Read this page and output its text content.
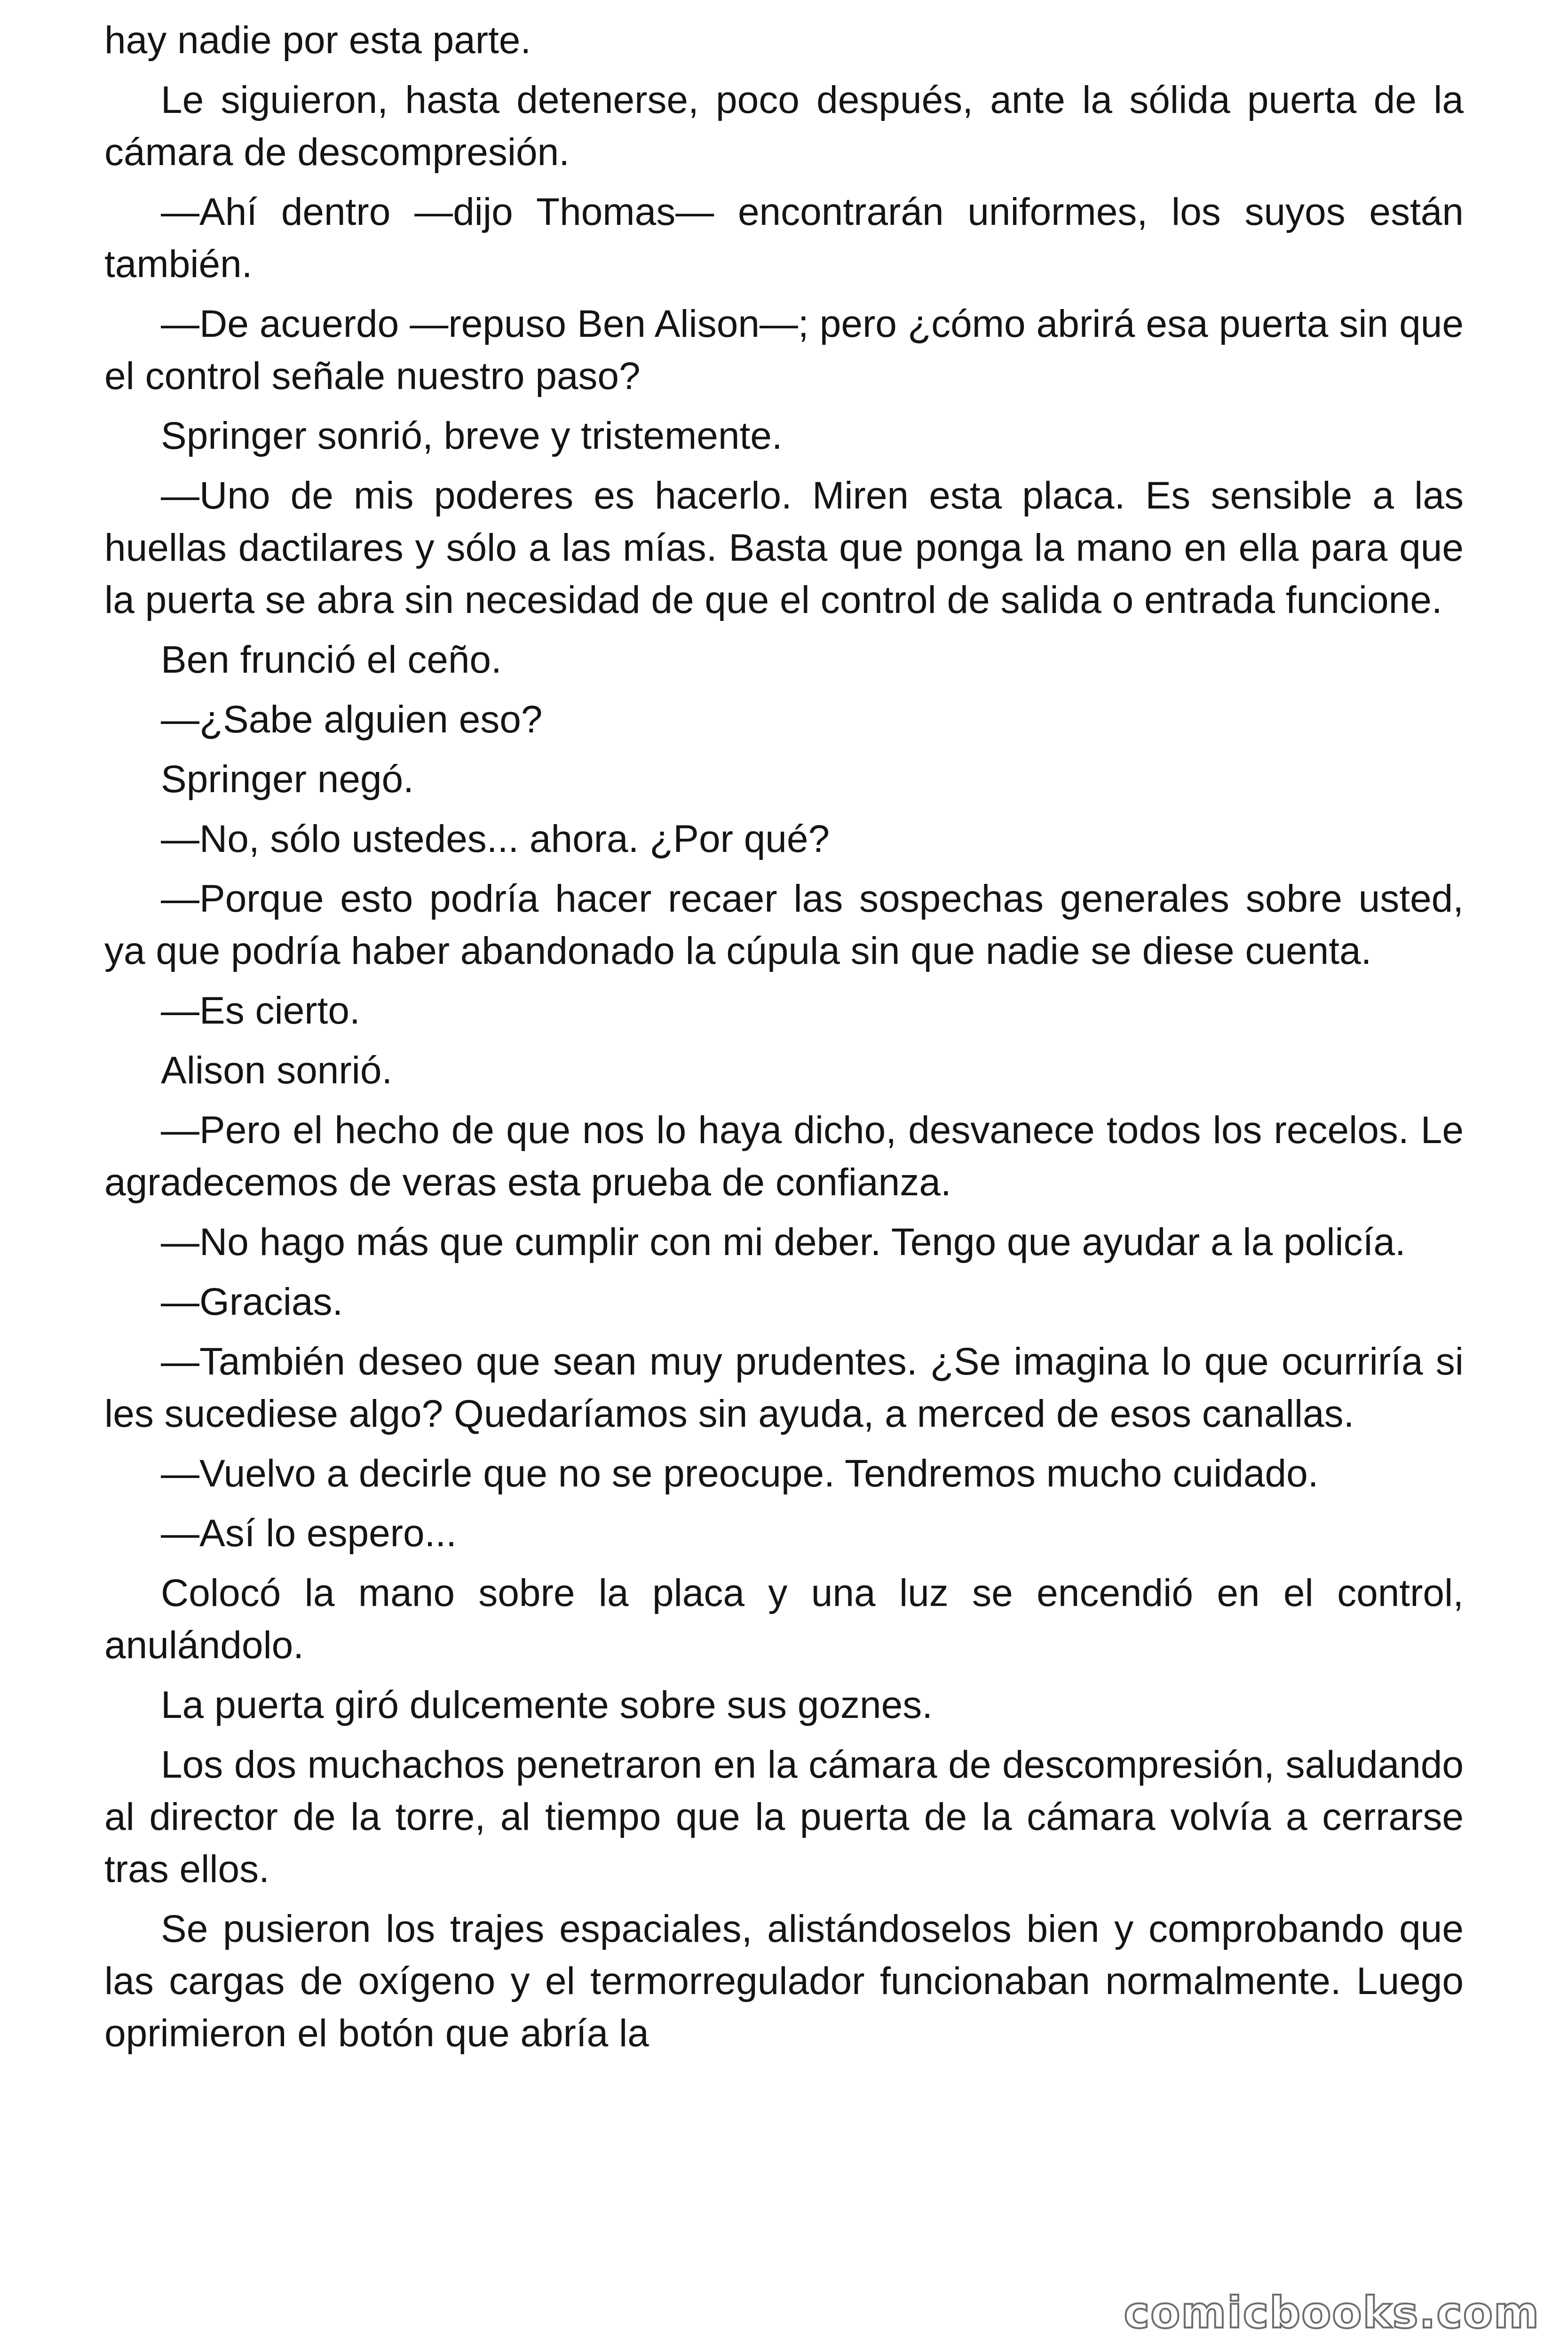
hay nadie por esta parte.

Le siguieron, hasta detenerse, poco después, ante la sólida puerta de la cámara de descompresión.

—Ahí dentro —dijo Thomas— encontrarán uniformes, los suyos están también.

—De acuerdo —repuso Ben Alison—; pero ¿cómo abrirá esa puerta sin que el control señale nuestro paso?

Springer sonrió, breve y tristemente.

—Uno de mis poderes es hacerlo. Miren esta placa. Es sensible a las huellas dactilares y sólo a las mías. Basta que ponga la mano en ella para que la puerta se abra sin necesidad de que el control de salida o entrada funcione.

Ben frunció el ceño.

—¿Sabe alguien eso?

Springer negó.

—No, sólo ustedes... ahora. ¿Por qué?

—Porque esto podría hacer recaer las sospechas generales sobre usted, ya que podría haber abandonado la cúpula sin que nadie se diese cuenta.

—Es cierto.

Alison sonrió.

—Pero el hecho de que nos lo haya dicho, desvanece todos los recelos. Le agradecemos de veras esta prueba de confianza.

—No hago más que cumplir con mi deber. Tengo que ayudar a la policía.

—Gracias.

—También deseo que sean muy prudentes. ¿Se imagina lo que ocurriría si les sucediese algo? Quedaríamos sin ayuda, a merced de esos canallas.

—Vuelvo a decirle que no se preocupe. Tendremos mucho cuidado.

—Así lo espero...

Colocó la mano sobre la placa y una luz se encendió en el control, anulándolo.

La puerta giró dulcemente sobre sus goznes.

Los dos muchachos penetraron en la cámara de descompresión, saludando al director de la torre, al tiempo que la puerta de la cámara volvía a cerrarse tras ellos.

Se pusieron los trajes espaciales, alistándoselos bien y comprobando que las cargas de oxígeno y el termorregulador funcionaban normalmente. Luego oprimieron el botón que abría la

comicbooks.com
